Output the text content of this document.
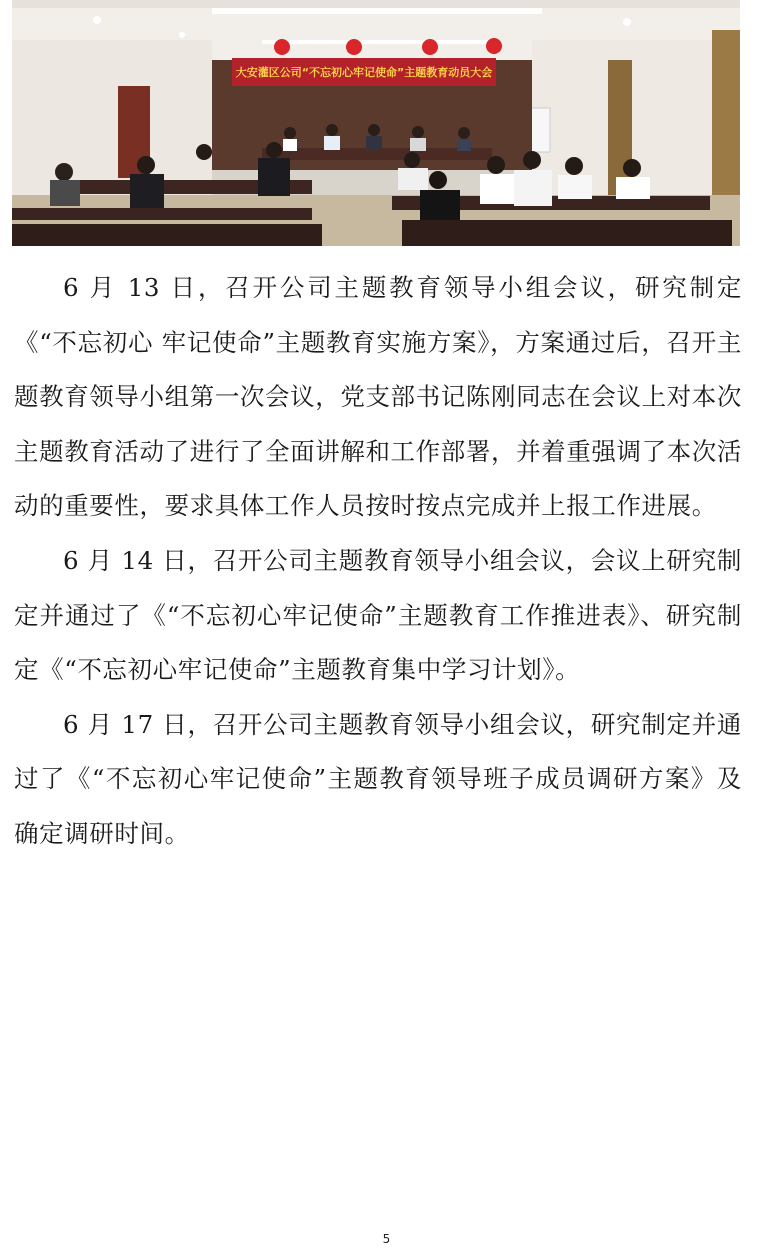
大安灌区公司“不忘初心牢记使命”主题教育动员大会

6 月 13 日，召开公司主题教育领导小组会议，研究制定《“不忘初心 牢记使命”主题教育实施方案》，方案通过后，召开主题教育领导小组第一次会议，党支部书记陈刚同志在会议上对本次主题教育活动了进行了全面讲解和工作部署，并着重强调了本次活动的重要性，要求具体工作人员按时按点完成并上报工作进展。

6 月 14 日，召开公司主题教育领导小组会议，会议上研究制定并通过了《“不忘初心牢记使命”主题教育工作推进表》、研究制定《“不忘初心牢记使命”主题教育集中学习计划》。

6 月 17 日，召开公司主题教育领导小组会议，研究制定并通过了《“不忘初心牢记使命”主题教育领导班子成员调研方案》及确定调研时间。

5
